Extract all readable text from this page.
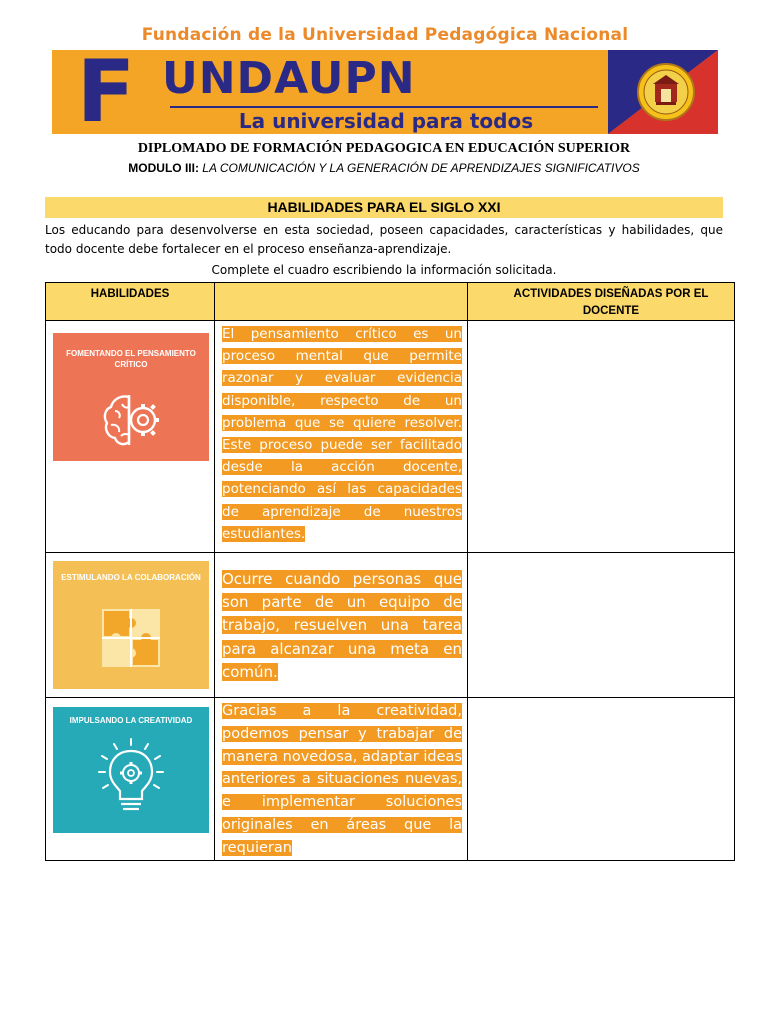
Fundación de la Universidad Pedagógica Nacional
F UNDAUPN
La universidad para todos
DIPLOMADO DE FORMACIÓN PEDAGOGICA EN EDUCACIÓN SUPERIOR
MODULO III: LA COMUNICACIÓN Y LA GENERACIÓN DE APRENDIZAJES SIGNIFICATIVOS
HABILIDADES PARA EL SIGLO XXI
Los educando para desenvolverse en esta sociedad, poseen capacidades, características y habilidades, que todo docente debe fortalecer en el proceso enseñanza-aprendizaje.
Complete el cuadro escribiendo la información solicitada.
HABILIDADES	ACTIVIDADES DISEÑADAS POR EL DOCENTE
FOMENTANDO EL PENSAMIENTO CRÍTICO
El pensamiento crítico es un proceso mental que permite razonar y evaluar evidencia disponible, respecto de un problema que se quiere resolver. Este proceso puede ser facilitado desde la acción docente, potenciando así las capacidades de aprendizaje de nuestros estudiantes.
ESTIMULANDO LA COLABORACIÓN	Ocurre cuando personas que son parte de un equipo de trabajo, resuelven una tarea para alcanzar una meta en común.
IMPULSANDO LA CREATIVIDAD
Gracias a la creatividad, podemos pensar y trabajar de manera novedosa, adaptar ideas anteriores a situaciones nuevas, e implementar soluciones originales en áreas que la requieran
